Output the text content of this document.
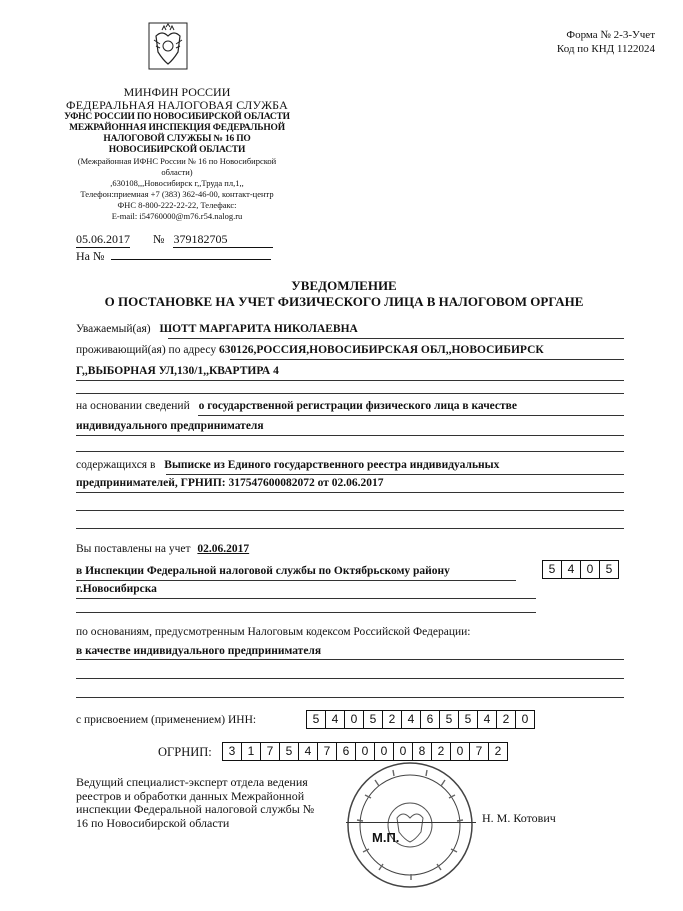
Форма № 2-3-Учет
Код по КНД 1122024
МИНФИН РОССИИ
ФЕДЕРАЛЬНАЯ НАЛОГОВАЯ СЛУЖБА
УФНС РОССИИ ПО НОВОСИБИРСКОЙ ОБЛАСТИ
МЕЖРАЙОННАЯ ИНСПЕКЦИЯ ФЕДЕРАЛЬНОЙ
НАЛОГОВОЙ СЛУЖБЫ № 16 ПО
НОВОСИБИРСКОЙ ОБЛАСТИ
(Межрайонная ИФНС России № 16 по Новосибирской
области)
,630108,,,Новосибирск г,,Труда пл,1,,
Телефон:приемная +7 (383) 362-46-00, контакт-центр
ФНС 8-800-222-22-22, Телефакс:
E-mail: i54760000@m76.r54.nalog.ru
05.06.2017 № 379182705
На №
УВЕДОМЛЕНИЕ
О ПОСТАНОВКЕ НА УЧЕТ ФИЗИЧЕСКОГО ЛИЦА В НАЛОГОВОМ ОРГАНЕ
Уважаемый(ая) ШОТТ МАРГАРИТА НИКОЛАЕВНА
проживающий(ая) по адресу 630126,РОССИЯ,НОВОСИБИРСКАЯ ОБЛ,,НОВОСИБИРСК
Г,,ВЫБОРНАЯ УЛ,130/1,,КВАРТИРА 4
на основании сведений о государственной регистрации физического лица в качестве
индивидуального предпринимателя
содержащихся в Выписке из Единого государственного реестра индивидуальных
предпринимателей, ГРНИП: 317547600082072 от 02.06.2017
Вы поставлены на учет 02.06.2017
в Инспекции Федеральной налоговой службы по Октябрьскому району
г.Новосибирска
5	4	0	5
по основаниям, предусмотренным Налоговым кодексом Российской Федерации:
в качестве индивидуального предпринимателя
с присвоением (применением) ИНН:	5	4	0	5	2	4	6	5	5	4	2	0
ОГРНИП:	3	1	7	5	4	7	6	0	0	0	8	2	0	7	2
Ведущий специалист-эксперт отдела ведения
реестров и обработки данных Межрайонной
инспекции Федеральной налоговой службы №
16 по Новосибирской области
М.П.
Н. М. Котович
